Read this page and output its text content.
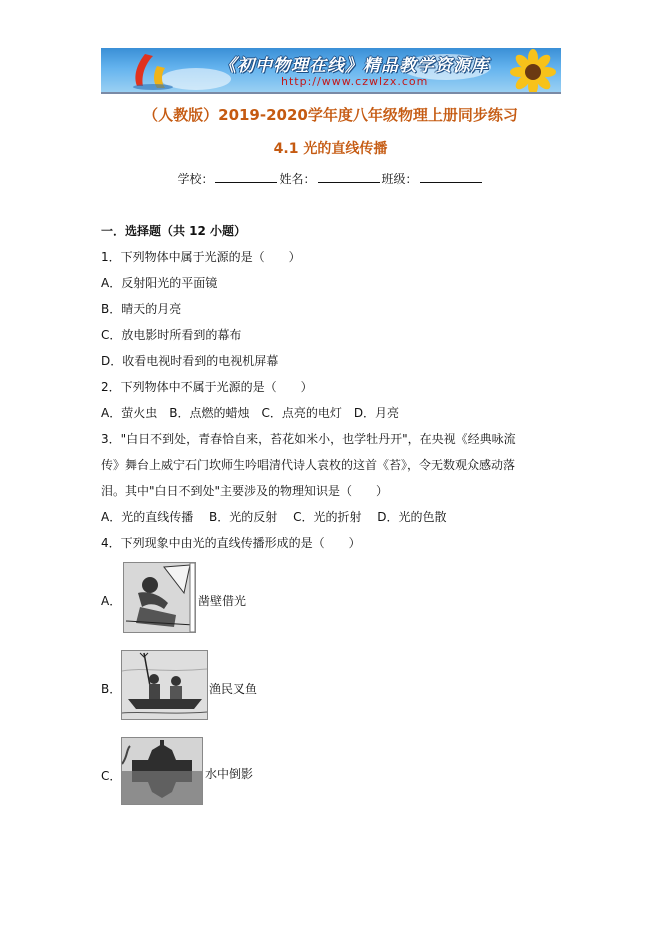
《初中物理在线》精品教学资源库
http://www.czwlzx.com
（人教版）2019-2020学年度八年级物理上册同步练习
4.1 光的直线传播
学校：	姓名：	班级：
一．选择题（共 12 小题）
1．下列物体中属于光源的是（　　）
A．反射阳光的平面镜
B．晴天的月亮
C．放电影时所看到的幕布
D．收看电视时看到的电视机屏幕
2．下列物体中不属于光源的是（　　）
A．萤火虫　B．点燃的蜡烛　C．点亮的电灯　D．月亮
3．"白日不到处，青春恰自来，苔花如米小，也学牡丹开"，在央视《经典咏流
传》舞台上威宁石门坎师生吟唱清代诗人袁枚的这首《苔》，令无数观众感动落
泪。其中"白日不到处"主要涉及的物理知识是（　　）
A．光的直线传播　 B．光的反射　 C．光的折射　 D．光的色散
4．下列现象中由光的直线传播形成的是（　　）
A．	凿壁借光
B．	渔民叉鱼
C．	水中倒影
